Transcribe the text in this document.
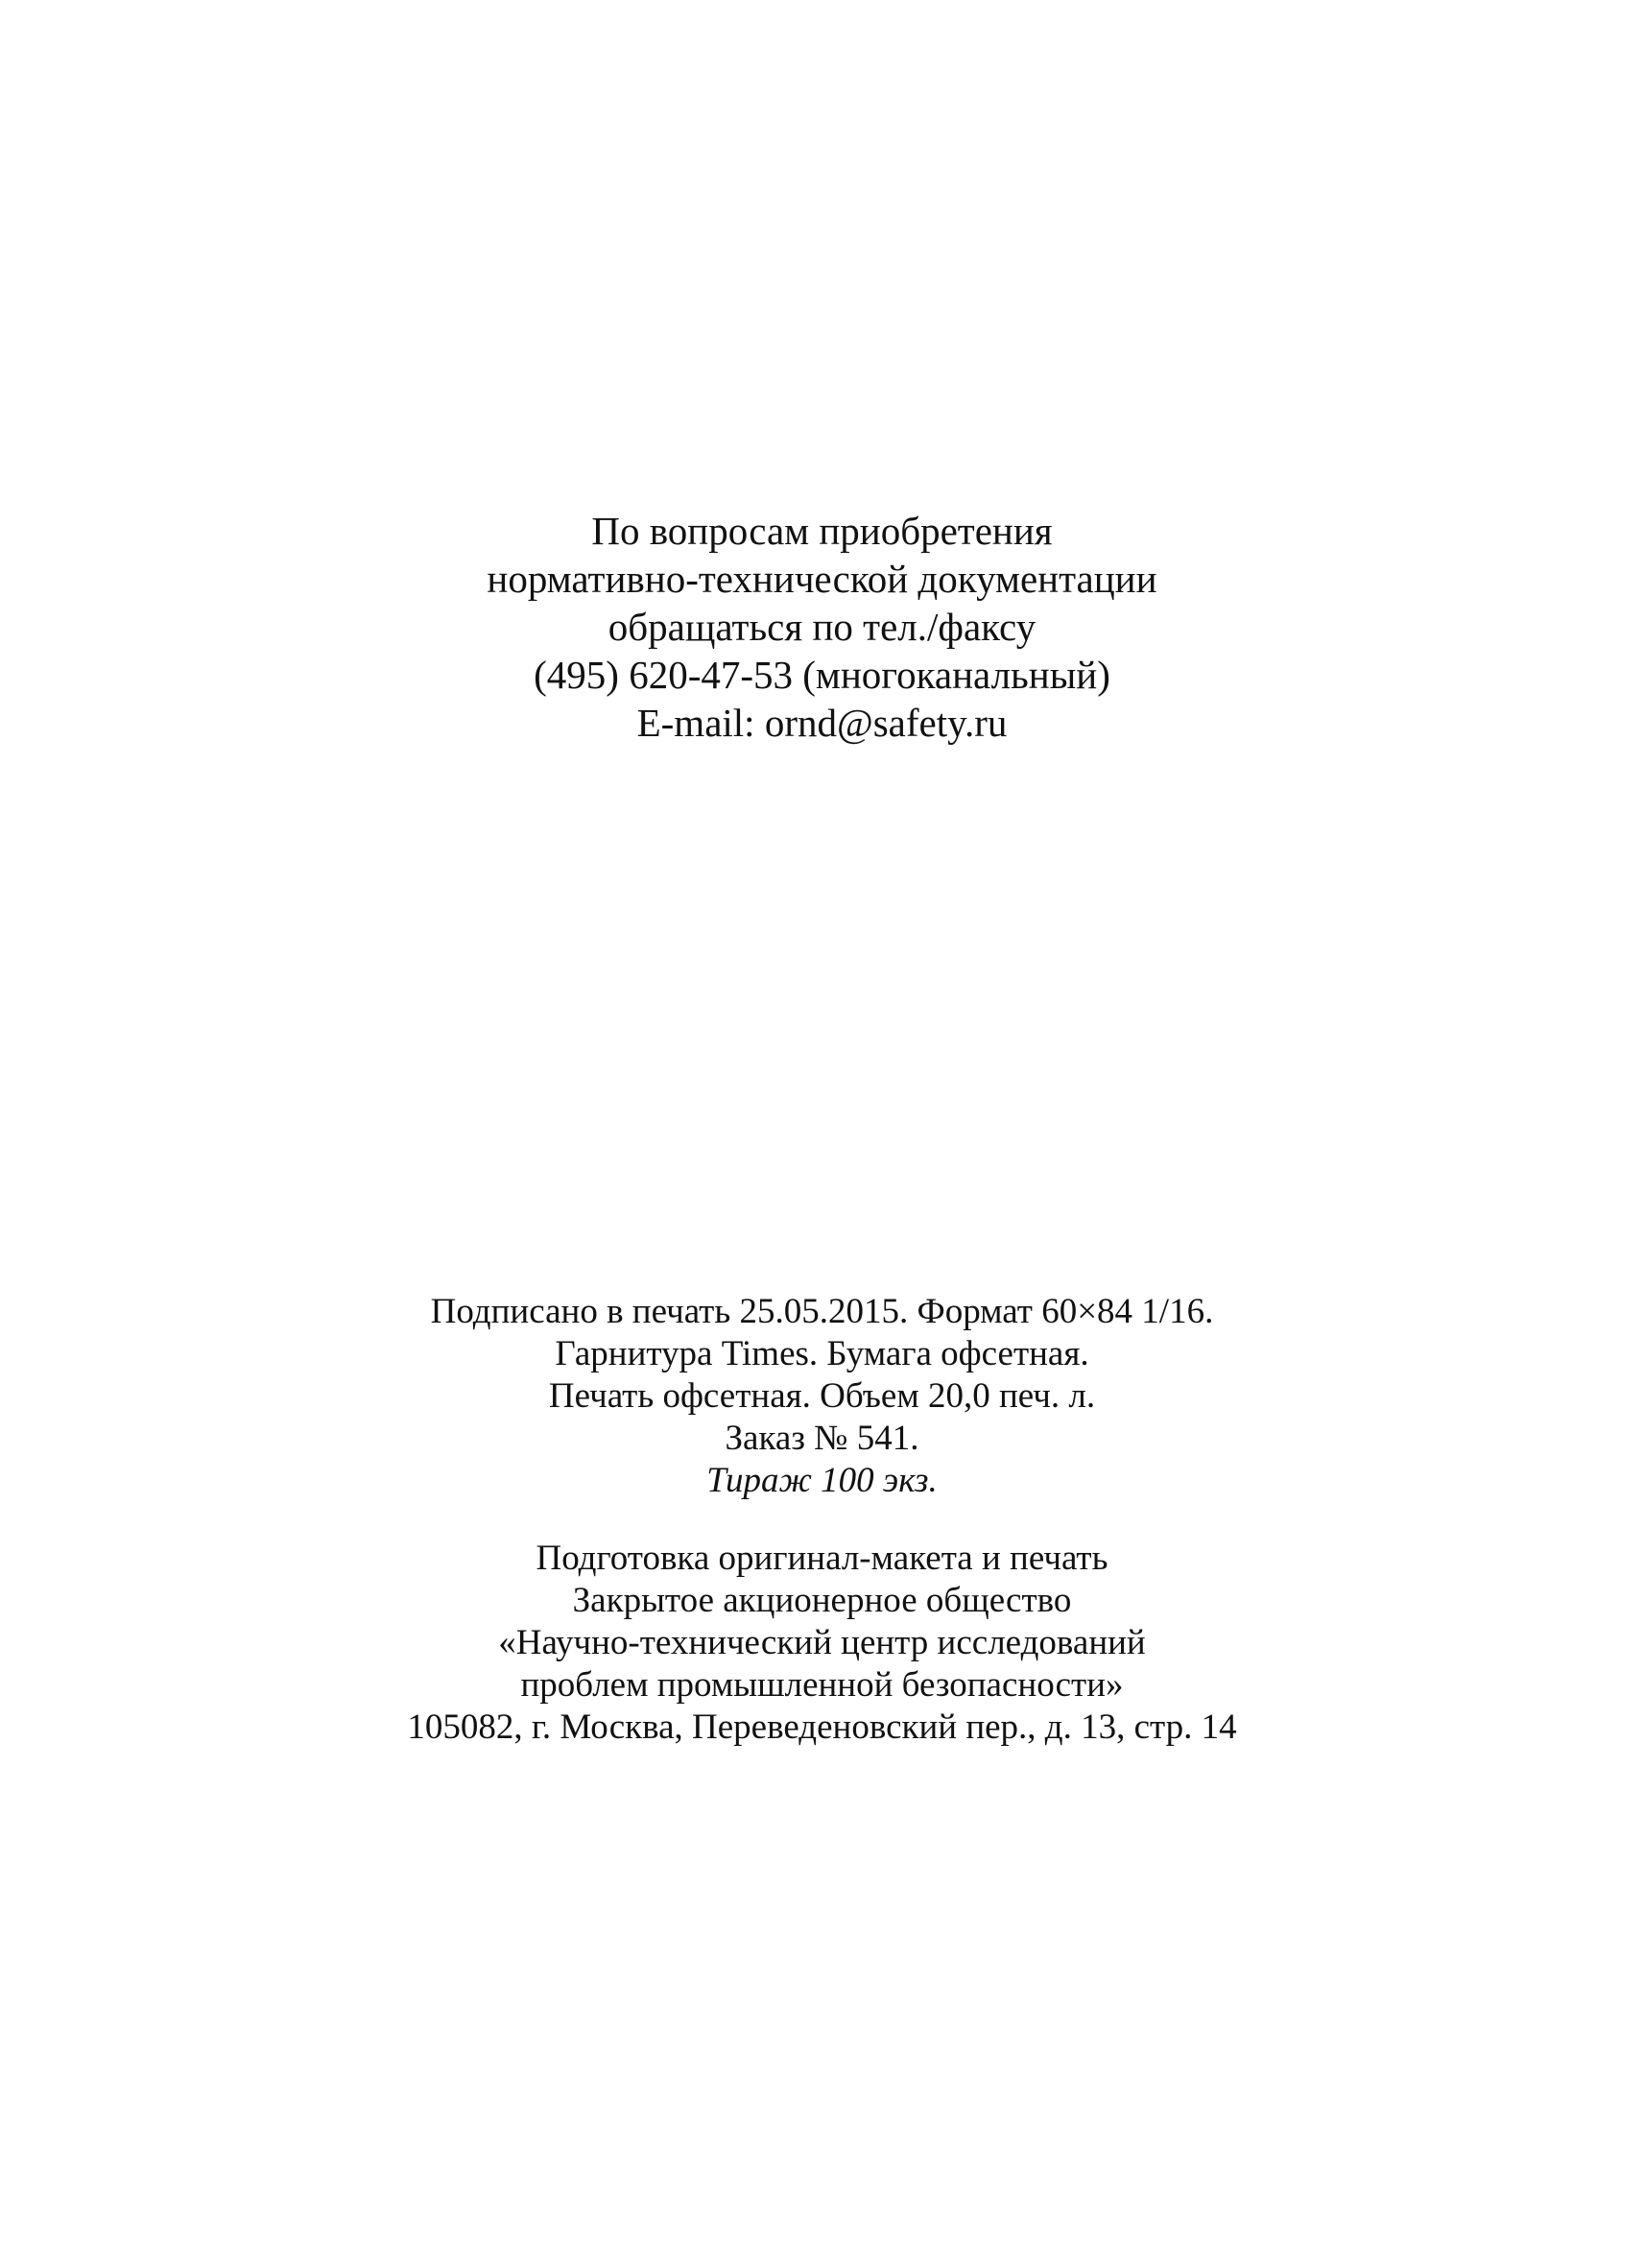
По вопросам приобретения
нормативно-технической документации
обращаться по тел./факсу
(495) 620-47-53 (многоканальный)
E-mail: ornd@safety.ru
Подписано в печать 25.05.2015. Формат 60×84 1/16.
Гарнитура Times. Бумага офсетная.
Печать офсетная. Объем 20,0 печ. л.
Заказ № 541.
Тираж 100 экз.
Подготовка оригинал-макета и печать
Закрытое акционерное общество
«Научно-технический центр исследований
проблем промышленной безопасности»
105082, г. Москва, Переведеновский пер., д. 13, стр. 14
